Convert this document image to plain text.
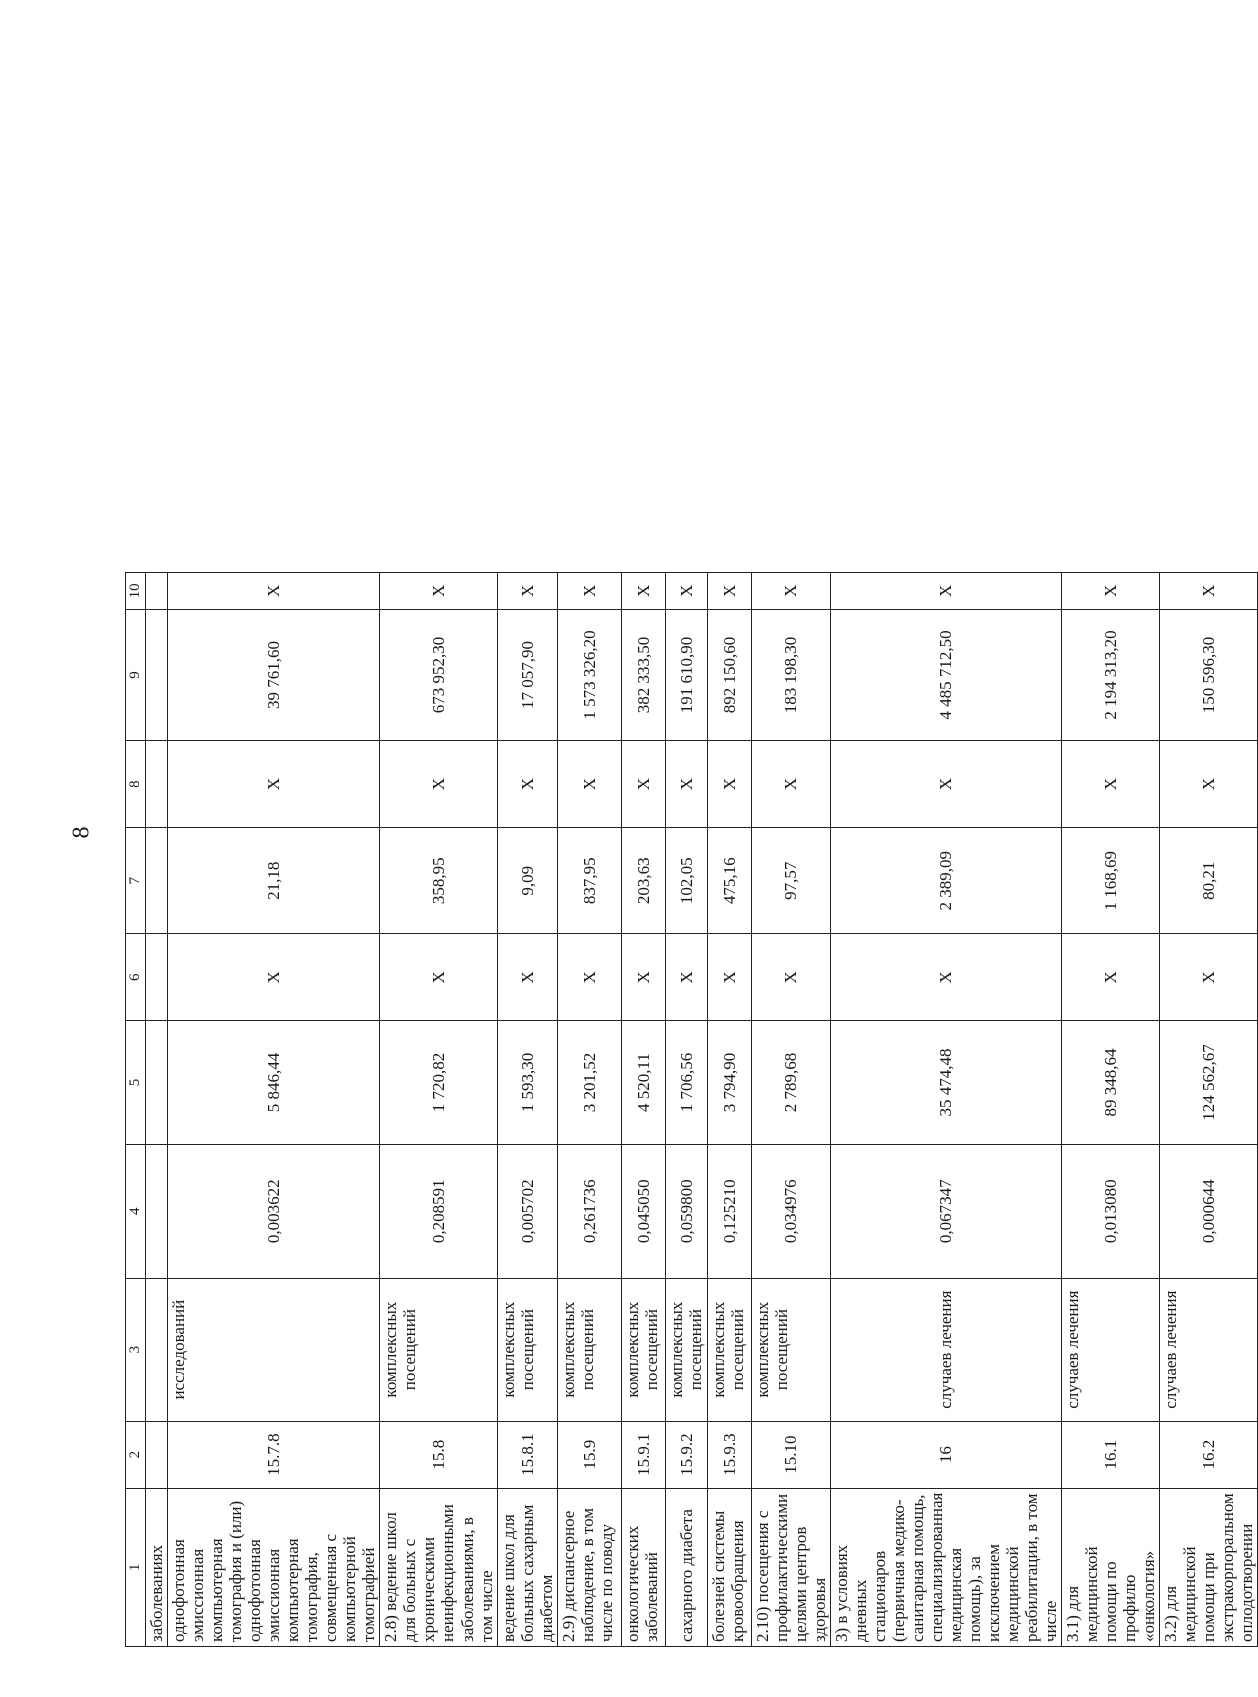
8
1	2	3	4	5	6	7	8	9	10
заболеваниях									
однофотонная эмиссионная компьютерная томография и (или) однофотонная эмиссионная компьютерная томография, совмещенная с компьютерной томографией	15.7.8	исследований	0,003622	5 846,44	Х	21,18	Х	39 761,60	Х
2.8) ведение школ для больных с хроническими неинфекционными заболеваниями, в том числе	15.8	комплексных посещений	0,208591	1 720,82	Х	358,95	Х	673 952,30	Х
ведение школ для больных сахарным диабетом	15.8.1	комплексных посещений	0,005702	1 593,30	Х	9,09	Х	17 057,90	Х
2.9) диспансерное наблюдение, в том числе по поводу	15.9	комплексных посещений	0,261736	3 201,52	Х	837,95	Х	1 573 326,20	Х
онкологических заболеваний	15.9.1	комплексных посещений	0,045050	4 520,11	Х	203,63	Х	382 333,50	Х
сахарного диабета	15.9.2	комплексных посещений	0,059800	1 706,56	Х	102,05	Х	191 610,90	Х
болезней системы кровообращения	15.9.3	комплексных посещений	0,125210	3 794,90	Х	475,16	Х	892 150,60	Х
2.10) посещения с профилактическими целями центров здоровья	15.10	комплексных посещений	0,034976	2 789,68	Х	97,57	Х	183 198,30	Х
3) в условиях дневных стационаров (первичная медико-санитарная помощь, специализированная медицинская помощь), за исключением медицинской реабилитации, в том числе	16	случаев лечения	0,067347	35 474,48	Х	2 389,09	Х	4 485 712,50	Х
3.1) для медицинской помощи по профилю «онкология»	16.1	случаев лечения	0,013080	89 348,64	Х	1 168,69	Х	2 194 313,20	Х
3.2) для медицинской помощи при экстракорпоральном оплодотворении	16.2	случаев лечения	0,000644	124 562,67	Х	80,21	Х	150 596,30	Х
